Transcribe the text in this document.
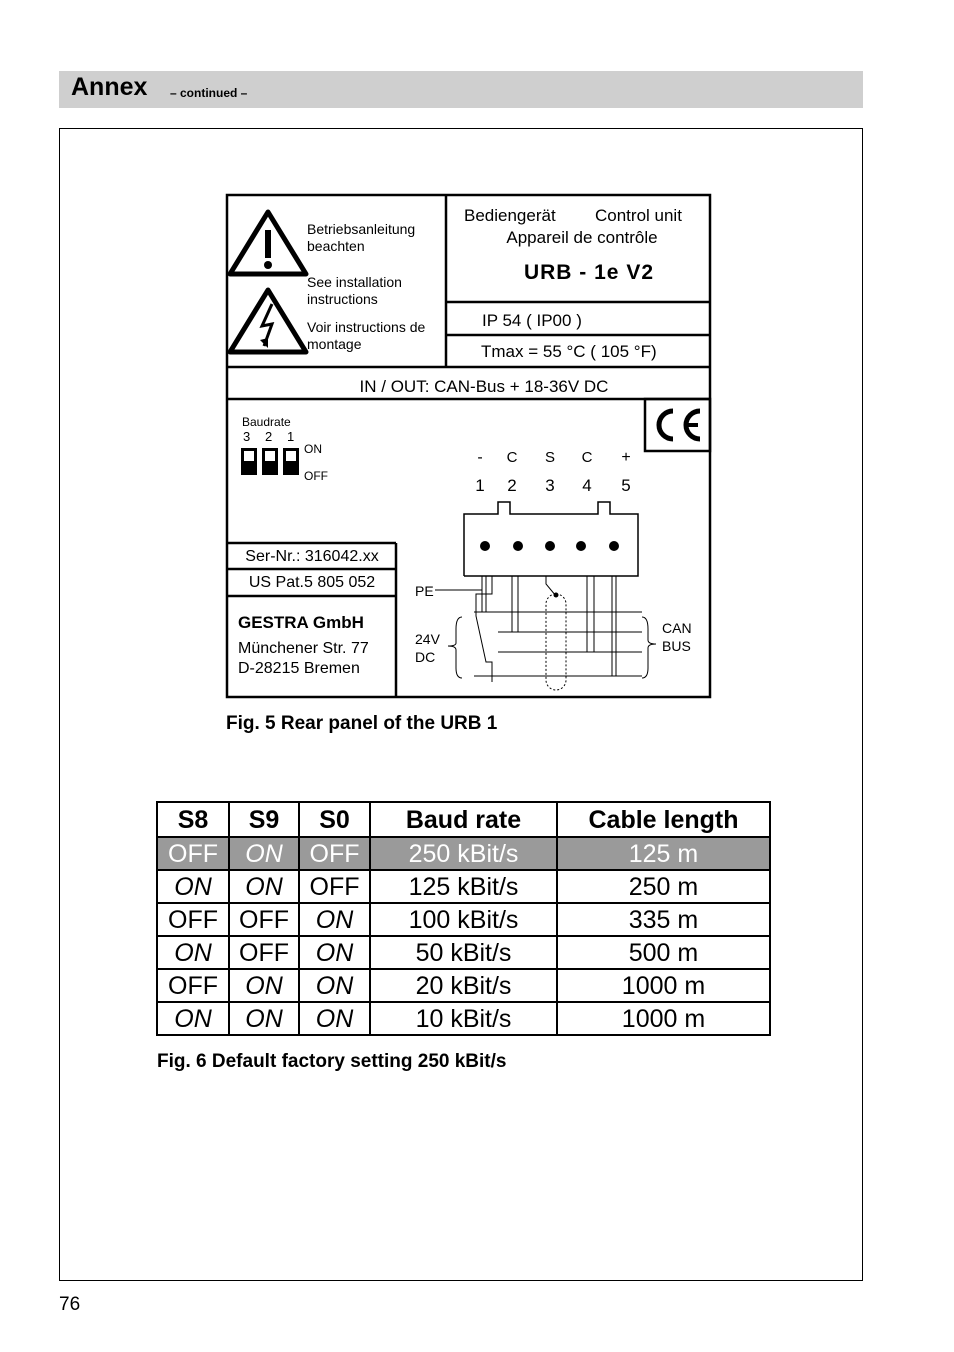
Annex – continued –
Betriebsanleitung beachten
See installation instructions
Voir instructions de montage
Bediengerät Control unit
Appareil de contrôle
URB - 1e V2
IP 54 ( IP00 )
Tmax = 55 °C ( 105 °F)
IN / OUT: CAN-Bus + 18-36V DC
Baudrate
3 2 1
ON
OFF
- C S C +
1 2 3 4 5
PE
24V
DC
CAN
BUS
Ser-Nr.: 316042.xx
US Pat.5 805 052
GESTRA GmbH
Münchener Str. 77
D-28215 Bremen
Fig. 5 Rear panel of the URB 1
S8	S9	S0	Baud rate	Cable length
OFF	ON	OFF	250 kBit/s	125 m
ON	ON	OFF	125 kBit/s	250 m
OFF	OFF	ON	100 kBit/s	335 m
ON	OFF	ON	50 kBit/s	500 m
OFF	ON	ON	20 kBit/s	1000 m
ON	ON	ON	10 kBit/s	1000 m
Fig. 6 Default factory setting 250 kBit/s
76
